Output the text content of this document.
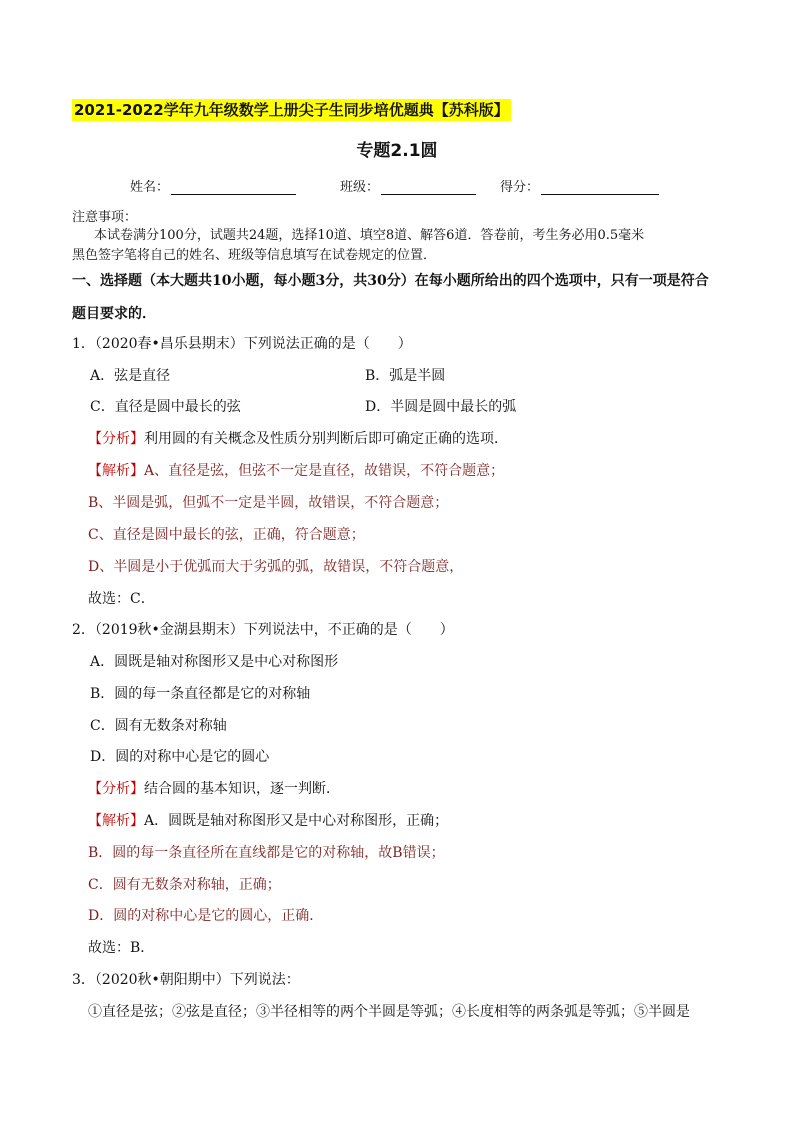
2021-2022学年九年级数学上册尖子生同步培优题典【苏科版】
专题2.1圆
姓名：	班级：	得分：
注意事项：
本试卷满分100分，试题共24题，选择10道、填空8道、解答6道．答卷前，考生务必用0.5毫米
黑色签字笔将自己的姓名、班级等信息填写在试卷规定的位置．
一、选择题（本大题共10小题，每小题3分，共30分）在每小题所给出的四个选项中，只有一项是符合
题目要求的．
1．（2020春•昌乐县期末）下列说法正确的是（　　）
A．弦是直径	B．弧是半圆
C．直径是圆中最长的弦	D．半圆是圆中最长的弧
【分析】利用圆的有关概念及性质分别判断后即可确定正确的选项．
【解析】A、直径是弦，但弦不一定是直径，故错误，不符合题意；
B、半圆是弧，但弧不一定是半圆，故错误，不符合题意；
C、直径是圆中最长的弦，正确，符合题意；
D、半圆是小于优弧而大于劣弧的弧，故错误，不符合题意，
故选：C．
2．（2019秋•金湖县期末）下列说法中，不正确的是（　　）
A．圆既是轴对称图形又是中心对称图形
B．圆的每一条直径都是它的对称轴
C．圆有无数条对称轴
D．圆的对称中心是它的圆心
【分析】结合圆的基本知识，逐一判断．
【解析】A．圆既是轴对称图形又是中心对称图形，正确；
B．圆的每一条直径所在直线都是它的对称轴，故B错误；
C．圆有无数条对称轴，正确；
D．圆的对称中心是它的圆心，正确．
故选：B．
3．（2020秋•朝阳期中）下列说法：
①直径是弦；②弦是直径；③半径相等的两个半圆是等弧；④长度相等的两条弧是等弧；⑤半圆是
